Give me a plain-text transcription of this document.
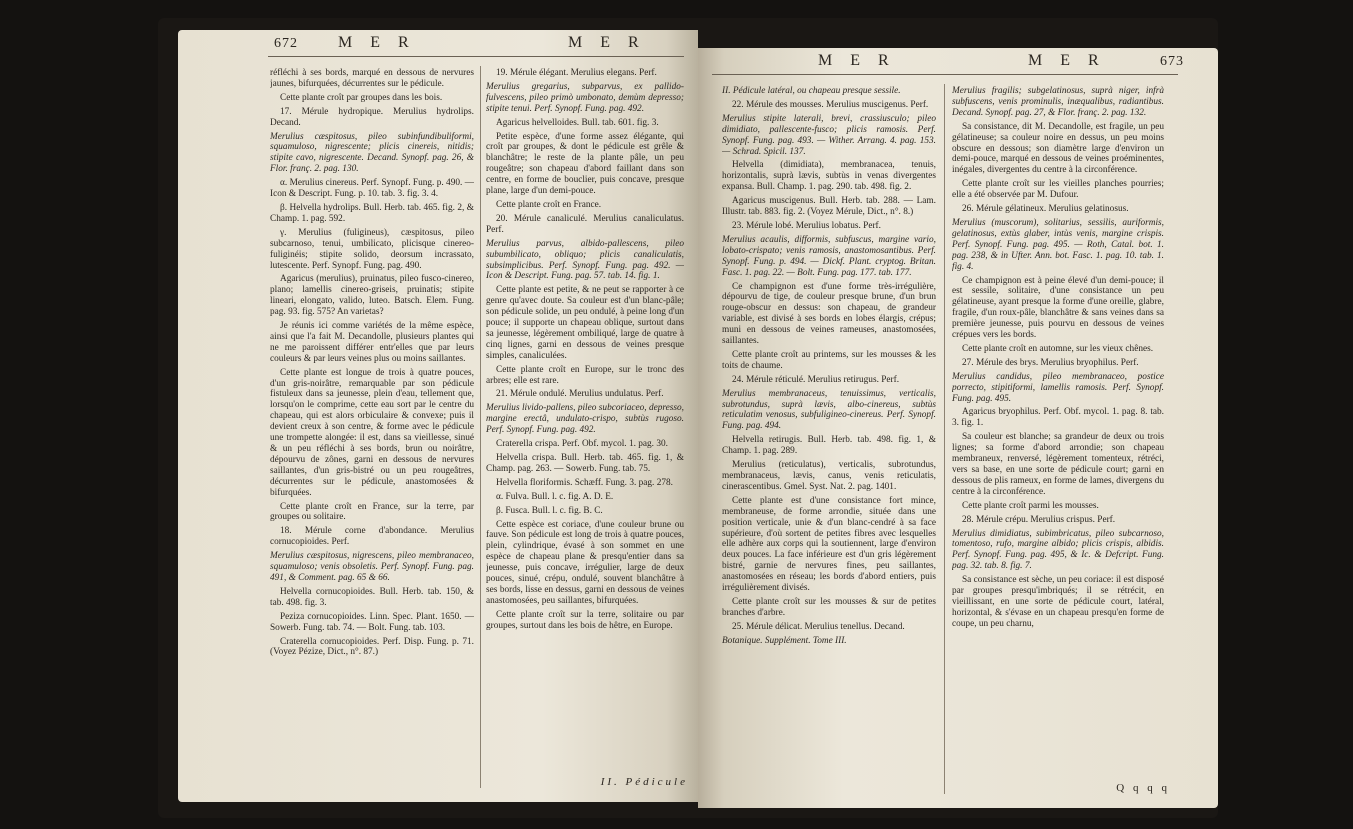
672	M E R	M E R

réfléchi à ses bords, marqué en dessous de nervures jaunes, bifurquées, décurrentes sur le pédicule.

Cette plante croît par groupes dans les bois.

17. Mérule hydropique. Merulius hydrolips. Decand.

Merulius cæspitosus, pileo subinfundibuliformi, squamuloso, nigrescente; plicis cinereis, nitidis; stipite cavo, nigrescente. Decand. Synopf. pag. 26, & Flor. franç. 2. pag. 130.

α. Merulius cinereus. Perf. Synopf. Fung. p. 490. — Icon & Descript. Fung. p. 10. tab. 3. fig. 3. 4.

β. Helvella hydrolips. Bull. Herb. tab. 465. fig. 2, & Champ. 1. pag. 592.

γ. Merulius (fuligineus), cæspitosus, pileo subcarnoso, tenui, umbilicato, plicisque cinereo-fuliginéis; stipite solido, deorsum incrassato, lutescente. Perf. Synopf. Fung. pag. 490.

Agaricus (merulius), pruinatus, pileo fusco-cinereo, plano; lamellis cinereo-griseis, pruinatis; stipite lineari, elongato, valido, luteo. Batsch. Elem. Fung. pag. 93. fig. 575? An varietas?

Je réunis ici comme variétés de la même espèce, ainsi que l'a fait M. Decandolle, plusieurs plantes qui ne me paroissent différer entr'elles que par leurs couleurs & par leurs veines plus ou moins saillantes.

Cette plante est longue de trois à quatre pouces, d'un gris-noirâtre, remarquable par son pédicule fistuleux dans sa jeunesse, plein d'eau, tellement que, lorsqu'on le comprime, cette eau sort par le centre du chapeau, qui est alors orbiculaire & convexe; puis il devient creux à son centre, & forme avec le pédicule une trompette alongée: il est, dans sa vieillesse, sinué & un peu réfléchi à ses bords, brun ou noirâtre, dépourvu de zônes, garni en dessous de nervures saillantes, d'un gris-bistré ou un peu rougeâtres, décurrentes sur le pédicule, anastomosées & bifurquées.

Cette plante croît en France, sur la terre, par groupes ou solitaire.

18. Mérule corne d'abondance. Merulius cornucopioides. Perf.

Merulius cæspitosus, nigrescens, pileo membranaceo, squamuloso; venis obsoletis. Perf. Synopf. Fung. pag. 491, & Comment. pag. 65 & 66.

Helvella cornucopioides. Bull. Herb. tab. 150, & tab. 498. fig. 3.

Peziza cornucopioides. Linn. Spec. Plant. 1650. — Sowerb. Fung. tab. 74. — Bolt. Fung. tab. 103.

Craterella cornucopioides. Perf. Disp. Fung. p. 71. (Voyez Pézize, Dict., n°. 87.)

19. Mérule élégant. Merulius elegans. Perf.

Merulius gregarius, subparvus, ex pallido-fulvescens, pileo primò umbonato, demùm depresso; stipite tenui. Perf. Synopf. Fung. pag. 492.

Agaricus helvelloides. Bull. tab. 601. fig. 3.

Petite espèce, d'une forme assez élégante, qui croît par groupes, & dont le pédicule est grêle & blanchâtre; le reste de la plante pâle, un peu rougeâtre; son chapeau d'abord faillant dans son centre, en forme de bouclier, puis concave, presque plane, large d'un demi-pouce.

Cette plante croît en France.

20. Mérule canaliculé. Merulius canaliculatus. Perf.

Merulius parvus, albido-pallescens, pileo subumbilicato, obliquo; plicis canaliculatis, subsimplicibus. Perf. Synopf. Fung. pag. 492. — Icon & Descript. Fung. pag. 57. tab. 14. fig. 1.

Cette plante est petite, & ne peut se rapporter à ce genre qu'avec doute. Sa couleur est d'un blanc-pâle; son pédicule solide, un peu ondulé, à peine long d'un pouce; il supporte un chapeau oblique, surtout dans sa jeunesse, légèrement ombiliqué, large de quatre à cinq lignes, garni en dessous de veines presque simples, canaliculées.

Cette plante croît en Europe, sur le tronc des arbres; elle est rare.

21. Mérule ondulé. Merulius undulatus. Perf.

Merulius livido-pallens, pileo subcoriaceo, depresso, margine erectâ, undulato-crispo, subtùs rugoso. Perf. Synopf. Fung. pag. 492.

Craterella crispa. Perf. Obf. mycol. 1. pag. 30.

Helvella crispa. Bull. Herb. tab. 465. fig. 1, & Champ. pag. 263. — Sowerb. Fung. tab. 75.

Helvella floriformis. Schæff. Fung. 3. pag. 278.

α. Fulva. Bull. l. c. fig. A. D. E.

β. Fusca. Bull. l. c. fig. B. C.

Cette espèce est coriace, d'une couleur brune ou fauve. Son pédicule est long de trois à quatre pouces, plein, cylindrique, évasé à son sommet en une espèce de chapeau plane & presqu'entier dans sa jeunesse, puis concave, irrégulier, large de deux pouces, sinué, crépu, ondulé, souvent blanchâtre à ses bords, lisse en dessus, garni en dessous de veines anastomosées, peu saillantes, bifurquées.

Cette plante croît sur la terre, solitaire ou par groupes, surtout dans les bois de hêtre, en Europe.

II. Pédicule
M E R	M E R	673

II. Pédicule latéral, ou chapeau presque sessile.

22. Mérule des mousses. Merulius muscigenus. Perf.

Merulius stipite laterali, brevi, crassiusculo; pileo dimidiato, pallescente-fusco; plicis ramosis. Perf. Synopf. Fung. pag. 493. — Wither. Arrang. 4. pag. 153. — Schrad. Spicil. 137.

Helvella (dimidiata), membranacea, tenuis, horizontalis, suprà lævis, subtùs in venas divergentes expansa. Bull. Champ. 1. pag. 290. tab. 498. fig. 2.

Agaricus muscigenus. Bull. Herb. tab. 288. — Lam. Illustr. tab. 883. fig. 2. (Voyez Mérule, Dict., n°. 8.)

23. Mérule lobé. Merulius lobatus. Perf.

Merulius acaulis, difformis, subfuscus, margine vario, lobato-crispato; venis ramosis, anastomosantibus. Perf. Synopf. Fung. p. 494. — Dickf. Plant. cryptog. Britan. Fasc. 1. pag. 22. — Bolt. Fung. pag. 177. tab. 177.

Ce champignon est d'une forme très-irrégulière, dépourvu de tige, de couleur presque brune, d'un brun rouge-obscur en dessus: son chapeau, de grandeur variable, est divisé à ses bords en lobes élargis, crépus; muni en dessous de veines rameuses, anastomosées, saillantes.

Cette plante croît au printems, sur les mousses & les toits de chaume.

24. Mérule réticulé. Merulius retirugus. Perf.

Merulius membranaceus, tenuissimus, verticalis, subrotundus, suprà lævis, albo-cinereus, subtùs reticulatim venosus, subfuligineo-cinereus. Perf. Synopf. Fung. pag. 494.

Helvella retirugis. Bull. Herb. tab. 498. fig. 1, & Champ. 1. pag. 289.

Merulius (reticulatus), verticalis, subrotundus, membranaceus, lævis, canus, venis reticulatis, cinerascentibus. Gmel. Syst. Nat. 2. pag. 1401.

Cette plante est d'une consistance fort mince, membraneuse, de forme arrondie, située dans une position verticale, unie & d'un blanc-cendré à sa face supérieure, d'où sortent de petites fibres avec lesquelles elle adhère aux corps qui la soutiennent, large d'environ deux pouces. La face inférieure est d'un gris légèrement bistré, garnie de nervures fines, peu saillantes, anastomosées en réseau; les bords d'abord entiers, puis irrégulièrement divisés.

Cette plante croît sur les mousses & sur de petites branches d'arbre.

25. Mérule délicat. Merulius tenellus. Decand.

Botanique. Supplément. Tome III.

Merulius fragilis; subgelatinosus, suprà niger, infrà subfuscens, venis prominulis, inæqualibus, radiantibus. Decand. Synopf. pag. 27, & Flor. franç. 2. pag. 132.

Sa consistance, dit M. Decandolle, est fragile, un peu gélatineuse; sa couleur noire en dessus, un peu moins obscure en dessous; son diamètre large d'environ un demi-pouce, marqué en dessous de veines proéminentes, inégales, divergentes du centre à la circonférence.

Cette plante croît sur les vieilles planches pourries; elle a été observée par M. Dufour.

26. Mérule gélatineux. Merulius gelatinosus.

Merulius (muscorum), solitarius, sessilis, auriformis, gelatinosus, extùs glaber, intùs venis, margine crispis. Perf. Synopf. Fung. pag. 495. — Roth, Catal. bot. 1. pag. 238, & in Ufter. Ann. bot. Fasc. 1. pag. 10. tab. 1. fig. 4.

Ce champignon est à peine élevé d'un demi-pouce; il est sessile, solitaire, d'une consistance un peu gélatineuse, ayant presque la forme d'une oreille, glabre, fragile, d'un roux-pâle, blanchâtre & sans veines dans sa première jeunesse, puis pourvu en dessous de veines crépues vers les bords.

Cette plante croît en automne, sur les vieux chênes.

27. Mérule des brys. Merulius bryophilus. Perf.

Merulius candidus, pileo membranaceo, postice porrecto, stipitiformi, lamellis ramosis. Perf. Synopf. Fung. pag. 495.

Agaricus bryophilus. Perf. Obf. mycol. 1. pag. 8. tab. 3. fig. 1.

Sa couleur est blanche; sa grandeur de deux ou trois lignes; sa forme d'abord arrondie; son chapeau membraneux, renversé, légèrement tomenteux, rétréci, vers sa base, en une sorte de pédicule court; garni en dessous de plis rameux, en forme de lames, divergens du centre à la circonférence.

Cette plante croît parmi les mousses.

28. Mérule crépu. Merulius crispus. Perf.

Merulius dimidiatus, subimbricatus, pileo subcarnoso, tomentoso, rufo, margine albido; plicis crispis, albidis. Perf. Synopf. Fung. pag. 495, & Ic. & Defcript. Fung. pag. 32. tab. 8. fig. 7.

Sa consistance est sèche, un peu coriace: il est disposé par groupes presqu'imbriqués; il se rétrécit, en vieillissant, en une sorte de pédicule court, latéral, horizontal, & s'évase en un chapeau presqu'en forme de coupe, un peu charnu,

Q q q q
